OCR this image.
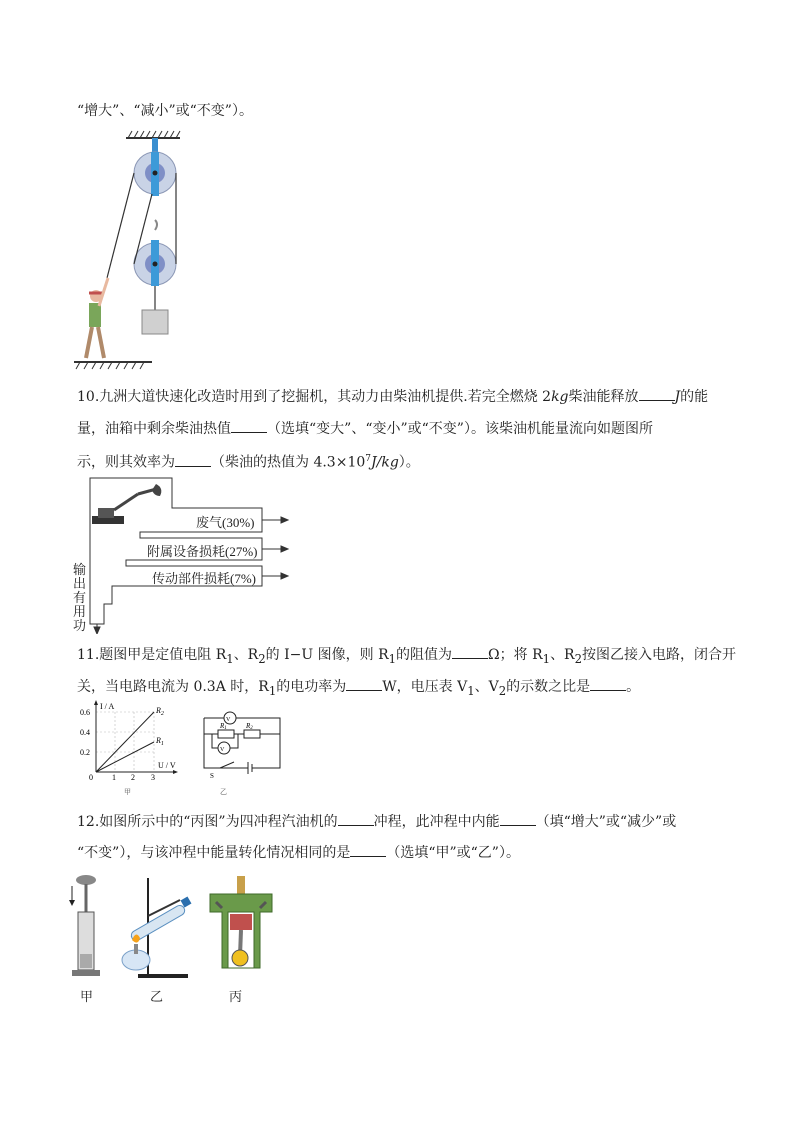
“增大”、“减小”或“不变”）。
10.九洲大道快速化改造时用到了挖掘机，其动力由柴油机提供.若完全燃烧 2kg柴油能释放	J的能
量，油箱中剩余柴油热值	（选填“变大”、“变小”或“不变”）。该柴油机能量流向如题图所
示，则其效率为	（柴油的热值为 $4.3\times 10^7J/kg$）。
废气(30%)
附属设备损耗(27%)
传动部件损耗(7%)
输
出
有
用
功
11.题图甲是定值电阻 $R_1$、$R_2$的 I−U 图像，则 $R_1$的阻值为	Ω；将 $R_1$、$R_2$按图乙接入电路，闭合开
关，当电路电流为 0.3A 时，$R_1$的电功率为	W，电压表 $V_1$、$V_2$的示数之比是	。
I / A
U / V
0.6
0.4
0.2
0 1 2 3
$R_2$
$R_1$
甲
V
V
R1	R2
S
乙
12.如图所示中的“丙图”为四冲程汽油机的	冲程，此冲程中内能	（填“增大”或“减少”或
“不变”），与该冲程中能量转化情况相同的是	（选填“甲”或“乙”）。
甲	乙	丙
